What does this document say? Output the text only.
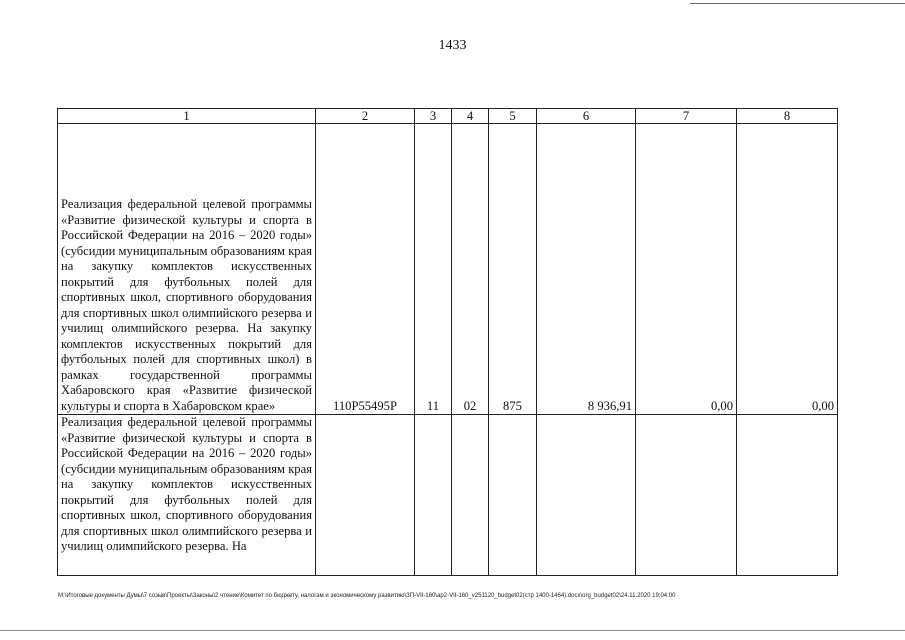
1433
1	2	3	4	5	6	7	8
Реализация федеральной целевой программы «Развитие физической культуры и спорта в Российской Федерации на 2016 – 2020 годы» (субсидии муниципальным образованиям края на закупку комплектов искусственных покрытий для футбольных полей для спортивных школ, спортивного оборудования для спортивных школ олимпийского резерва и училищ олимпийского резерва. На закупку комплектов искусственных покрытий для футбольных полей для спортивных школ) в рамках государственной программы Хабаровского края «Развитие физической культуры и спорта в Хабаровском крае»	110P55495P	11	02	875	8 936,91	0,00	0,00
Реализация федеральной целевой программы «Развитие физической культуры и спорта в Российской Федерации на 2016 – 2020 годы» (субсидии муниципальным образованиям края на закупку комплектов искусственных покрытий для футбольных полей для спортивных школ, спортивного оборудования для спортивных школ олимпийского резерва и училищ олимпийского резерва. На							
M:\Итоговые документы Думы\7 созыв\Проекты\Законы\2 чтение\Комитет по бюджету, налогам и экономическому развитию\ЗП-VII-160\ар2-VII-160_v251120_budget02(стр 1400-1464).docx\org_budget02\24.11.2020 19:04:00
